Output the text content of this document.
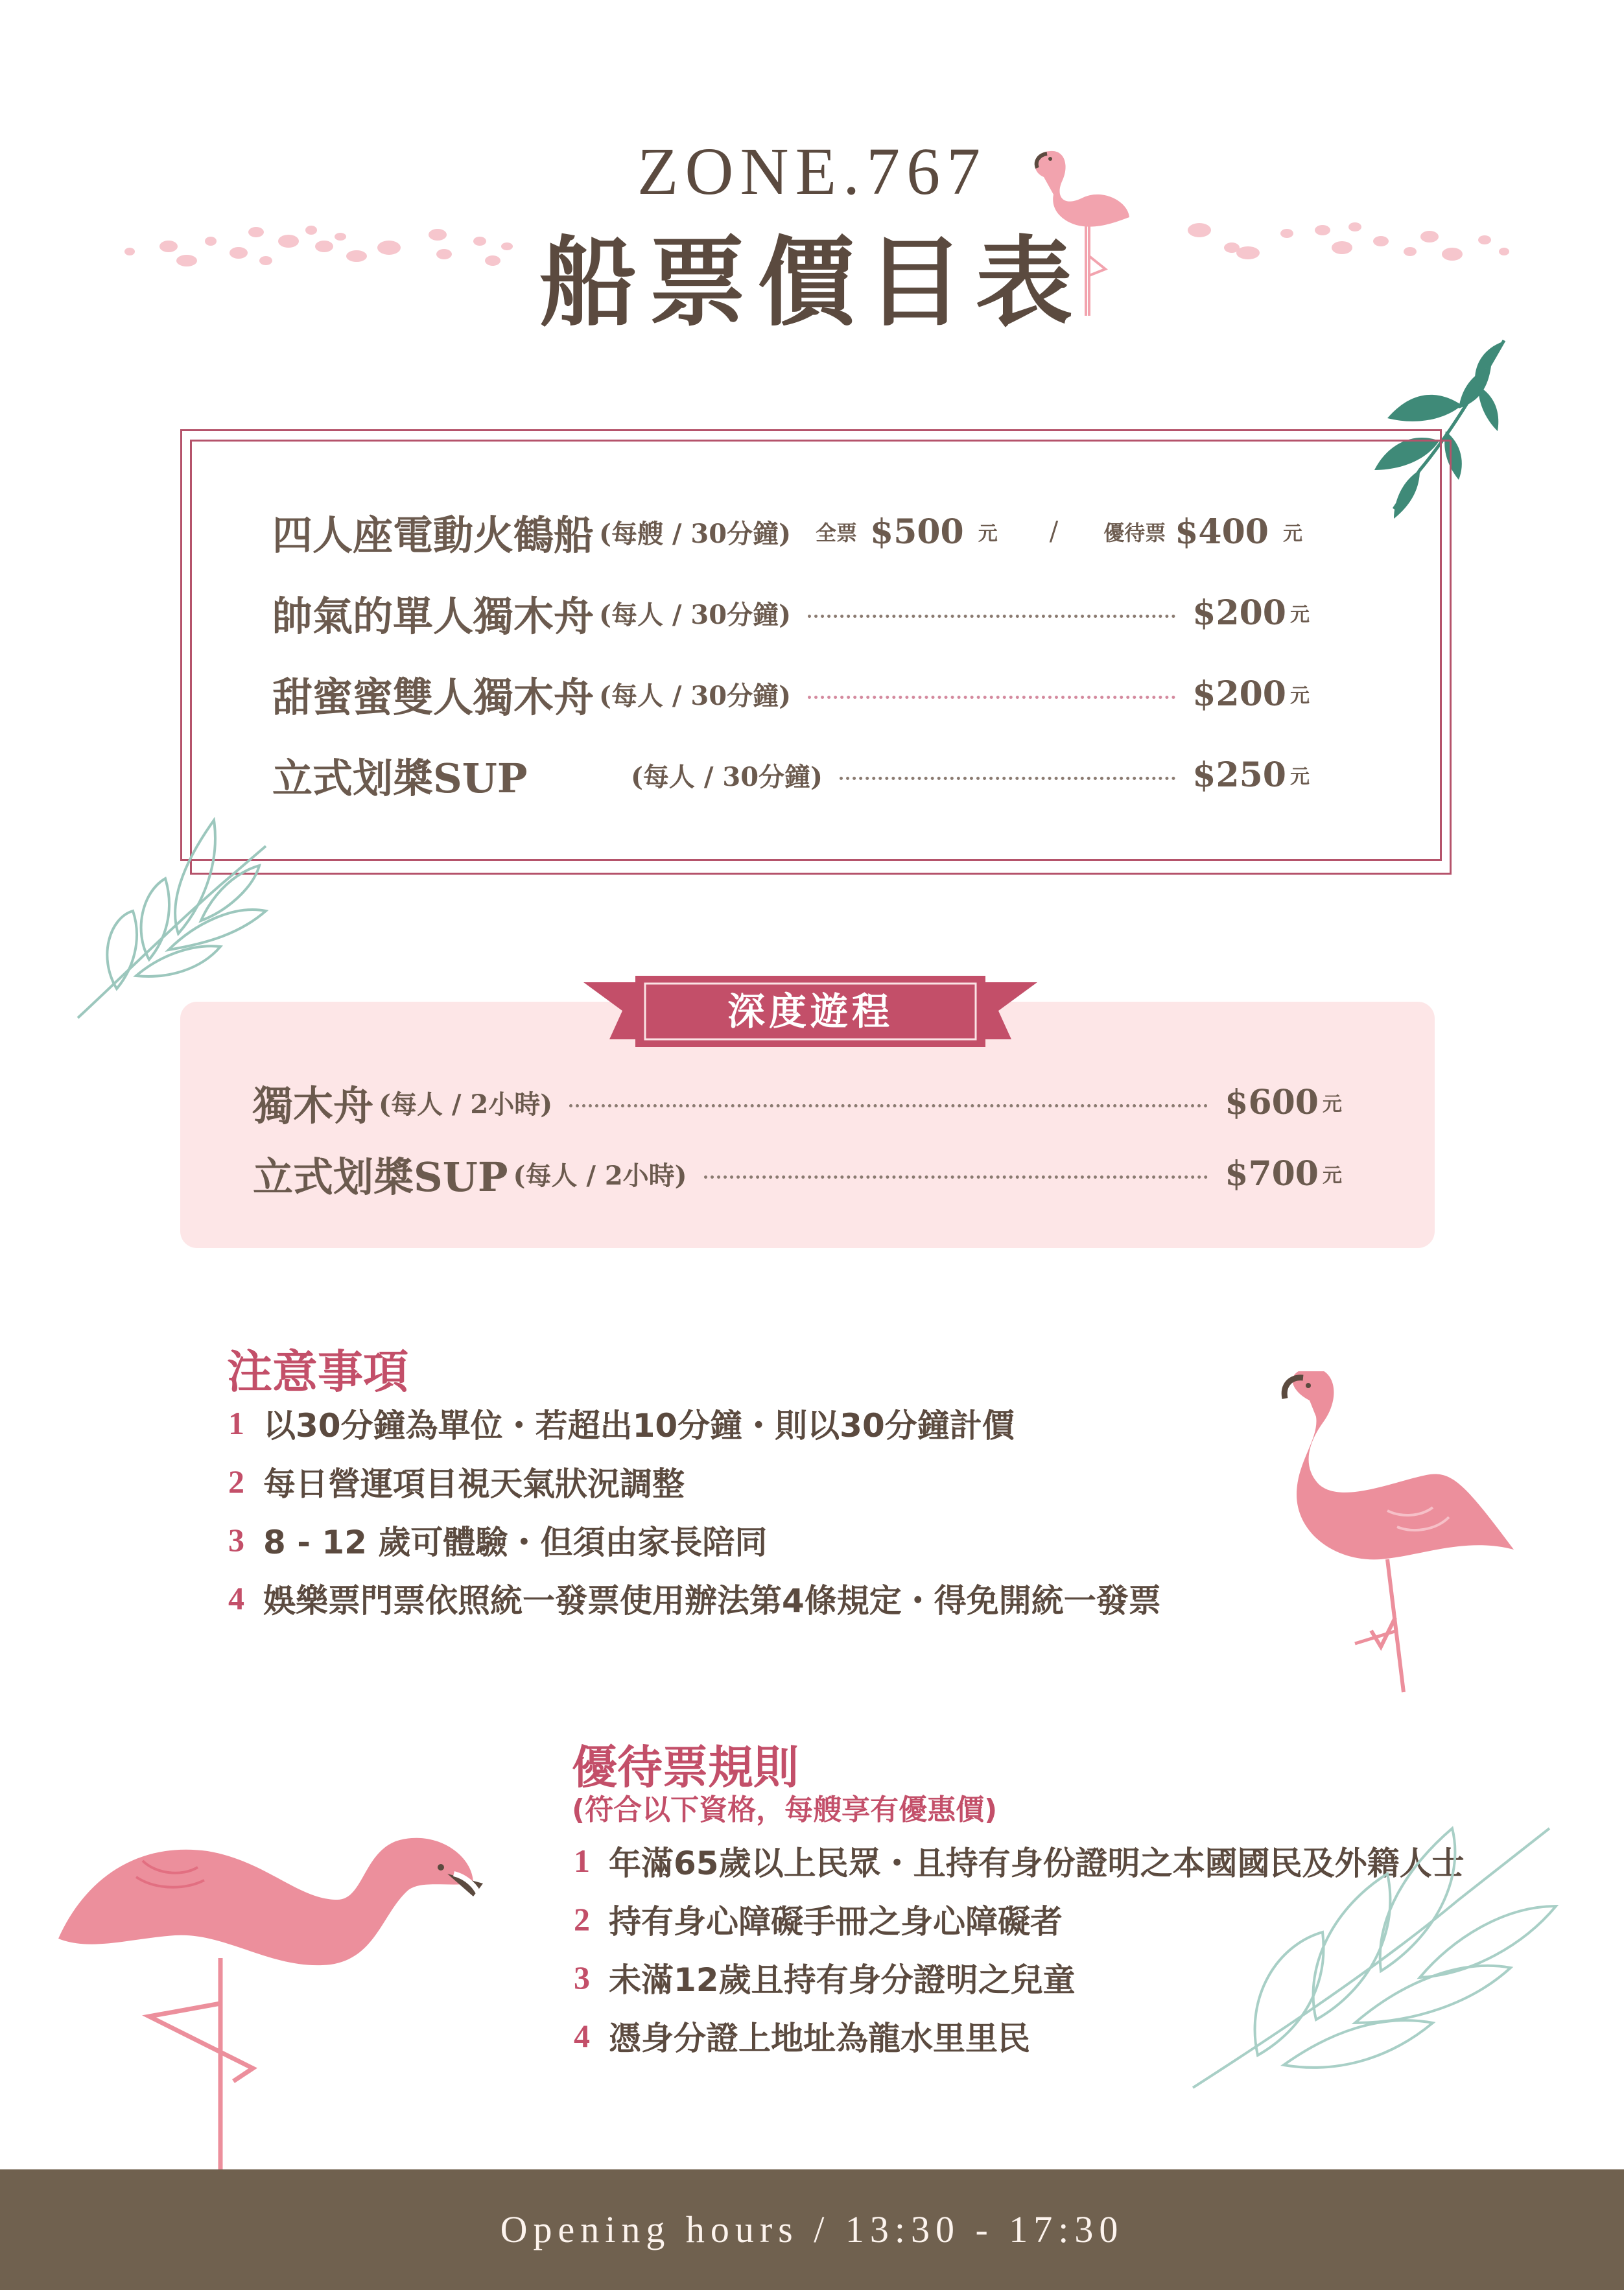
ZONE.767
船票價目表
四人座電動火鶴船 (每艘 / 30分鐘) 全票 $500 元 / 優待票 $400 元
帥氣的單人獨木舟 (每人 / 30分鐘)	$200 元
甜蜜蜜雙人獨木舟 (每人 / 30分鐘)	$200 元
立式划槳SUP	(每人 / 30分鐘)	$250 元
深度遊程
獨木舟 (每人 / 2小時)	$600 元
立式划槳SUP (每人 / 2小時)	$700 元
注意事項
1 以30分鐘為單位・若超出10分鐘・則以30分鐘計價
2 每日營運項目視天氣狀況調整
3 8 - 12 歲可體驗・但須由家長陪同
4 娛樂票門票依照統一發票使用辦法第4條規定・得免開統一發票
優待票規則
(符合以下資格，每艘享有優惠價)
1 年滿65歲以上民眾・且持有身份證明之本國國民及外籍人士
2 持有身心障礙手冊之身心障礙者
3 未滿12歲且持有身分證明之兒童
4 憑身分證上地址為龍水里里民
Opening hours / 13:30 - 17:30
